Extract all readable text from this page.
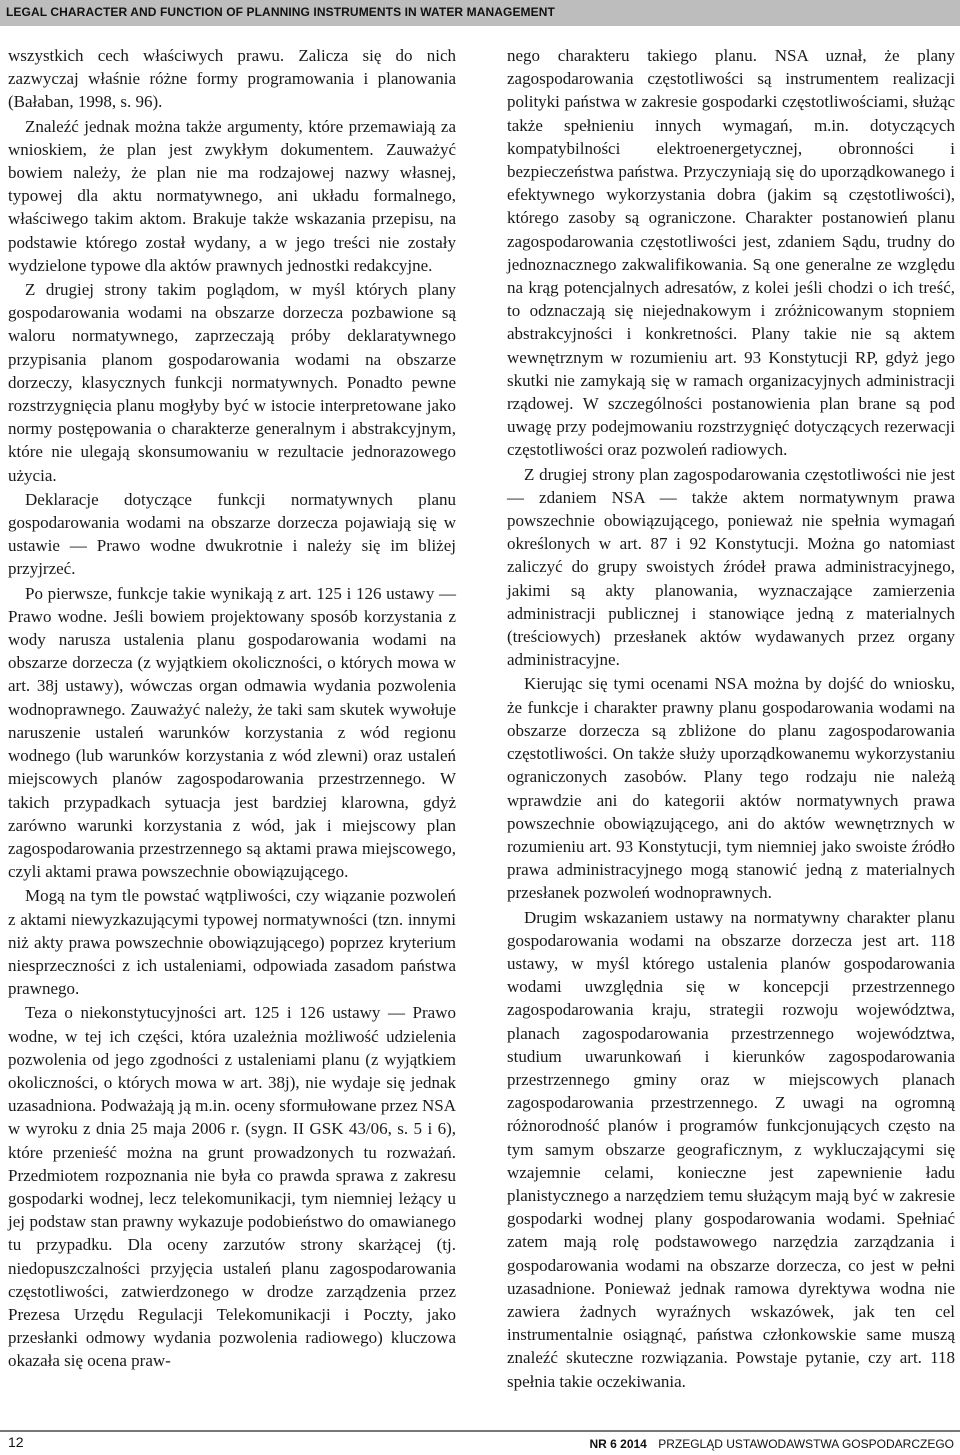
LEGAL CHARACTER AND FUNCTION OF PLANNING INSTRUMENTS IN WATER MANAGEMENT

wszystkich cech właściwych prawu. Zalicza się do nich zazwyczaj właśnie różne formy programowania i planowania (Bałaban, 1998, s. 96).

Znaleźć jednak można także argumenty, które przemawiają za wnioskiem, że plan jest zwykłym dokumentem. Zauważyć bowiem należy, że plan nie ma rodzajowej nazwy własnej, typowej dla aktu normatywnego, ani układu formalnego, właściwego takim aktom. Brakuje także wskazania przepisu, na podstawie którego został wydany, a w jego treści nie zostały wydzielone typowe dla aktów prawnych jednostki redakcyjne.

Z drugiej strony takim poglądom, w myśl których plany gospodarowania wodami na obszarze dorzecza pozbawione są waloru normatywnego, zaprzeczają próby deklaratywnego przypisania planom gospodarowania wodami na obszarze dorzeczy, klasycznych funkcji normatywnych. Ponadto pewne rozstrzygnięcia planu mogłyby być w istocie interpretowane jako normy postępowania o charakterze generalnym i abstrakcyjnym, które nie ulegają skonsumowaniu w rezultacie jednorazowego użycia.

Deklaracje dotyczące funkcji normatywnych planu gospodarowania wodami na obszarze dorzecza pojawiają się w ustawie — Prawo wodne dwukrotnie i należy się im bliżej przyjrzeć.

Po pierwsze, funkcje takie wynikają z art. 125 i 126 ustawy — Prawo wodne. Jeśli bowiem projektowany sposób korzystania z wody narusza ustalenia planu gospodarowania wodami na obszarze dorzecza (z wyjątkiem okoliczności, o których mowa w art. 38j ustawy), wówczas organ odmawia wydania pozwolenia wodnoprawnego. Zauważyć należy, że taki sam skutek wywołuje naruszenie ustaleń warunków korzystania z wód regionu wodnego (lub warunków korzystania z wód zlewni) oraz ustaleń miejscowych planów zagospodarowania przestrzennego. W takich przypadkach sytuacja jest bardziej klarowna, gdyż zarówno warunki korzystania z wód, jak i miejscowy plan zagospodarowania przestrzennego są aktami prawa miejscowego, czyli aktami prawa powszechnie obowiązującego.

Mogą na tym tle powstać wątpliwości, czy wiązanie pozwoleń z aktami niewyzkazującymi typowej normatywności (tzn. innymi niż akty prawa powszechnie obowiązującego) poprzez kryterium niesprzeczności z ich ustaleniami, odpowiada zasadom państwa prawnego.

Teza o niekonstytucyjności art. 125 i 126 ustawy — Prawo wodne, w tej ich części, która uzależnia możliwość udzielenia pozwolenia od jego zgodności z ustaleniami planu (z wyjątkiem okoliczności, o których mowa w art. 38j), nie wydaje się jednak uzasadniona. Podważają ją m.in. oceny sformułowane przez NSA w wyroku z dnia 25 maja 2006 r. (sygn. II GSK 43/06, s. 5 i 6), które przenieść można na grunt prowadzonych tu rozważań. Przedmiotem rozpoznania nie była co prawda sprawa z zakresu gospodarki wodnej, lecz telekomunikacji, tym niemniej leżący u jej podstaw stan prawny wykazuje podobieństwo do omawianego tu przypadku. Dla oceny zarzutów strony skarżącej (tj. niedopuszczalności przyjęcia ustaleń planu zagospodarowania częstotliwości, zatwierdzonego w drodze zarządzenia przez Prezesa Urzędu Regulacji Telekomunikacji i Poczty, jako przesłanki odmowy wydania pozwolenia radiowego) kluczowa okazała się ocena praw-

nego charakteru takiego planu. NSA uznał, że plany zagospodarowania częstotliwości są instrumentem realizacji polityki państwa w zakresie gospodarki częstotliwościami, służąc także spełnieniu innych wymagań, m.in. dotyczących kompatybilności elektroenergetycznej, obronności i bezpieczeństwa państwa. Przyczyniają się do uporządkowanego i efektywnego wykorzystania dobra (jakim są częstotliwości), którego zasoby są ograniczone. Charakter postanowień planu zagospodarowania częstotliwości jest, zdaniem Sądu, trudny do jednoznacznego zakwalifikowania. Są one generalne ze względu na krąg potencjalnych adresatów, z kolei jeśli chodzi o ich treść, to odznaczają się niejednakowym i zróżnicowanym stopniem abstrakcyjności i konkretności. Plany takie nie są aktem wewnętrznym w rozumieniu art. 93 Konstytucji RP, gdyż jego skutki nie zamykają się w ramach organizacyjnych administracji rządowej. W szczególności postanowienia plan brane są pod uwagę przy podejmowaniu rozstrzygnięć dotyczących rezerwacji częstotliwości oraz pozwoleń radiowych.

Z drugiej strony plan zagospodarowania częstotliwości nie jest — zdaniem NSA — także aktem normatywnym prawa powszechnie obowiązującego, ponieważ nie spełnia wymagań określonych w art. 87 i 92 Konstytucji. Można go natomiast zaliczyć do grupy swoistych źródeł prawa administracyjnego, jakimi są akty planowania, wyznaczające zamierzenia administracji publicznej i stanowiące jedną z materialnych (treściowych) przesłanek aktów wydawanych przez organy administracyjne.

Kierując się tymi ocenami NSA można by dojść do wniosku, że funkcje i charakter prawny planu gospodarowania wodami na obszarze dorzecza są zbliżone do planu zagospodarowania częstotliwości. On także służy uporządkowanemu wykorzystaniu ograniczonych zasobów. Plany tego rodzaju nie należą wprawdzie ani do kategorii aktów normatywnych prawa powszechnie obowiązującego, ani do aktów wewnętrznych w rozumieniu art. 93 Konstytucji, tym niemniej jako swoiste źródło prawa administracyjnego mogą stanowić jedną z materialnych przesłanek pozwoleń wodnoprawnych.

Drugim wskazaniem ustawy na normatywny charakter planu gospodarowania wodami na obszarze dorzecza jest art. 118 ustawy, w myśl którego ustalenia planów gospodarowania wodami uwzględnia się w koncepcji przestrzennego zagospodarowania kraju, strategii rozwoju województwa, planach zagospodarowania przestrzennego województwa, studium uwarunkowań i kierunków zagospodarowania przestrzennego gminy oraz w miejscowych planach zagospodarowania przestrzennego. Z uwagi na ogromną różnorodność planów i programów funkcjonujących często na tym samym obszarze geograficznym, z wykluczającymi się wzajemnie celami, konieczne jest zapewnienie ładu planistycznego a narzędziem temu służącym mają być w zakresie gospodarki wodnej plany gospodarowania wodami. Spełniać zatem mają rolę podstawowego narzędzia zarządzania i gospodarowania wodami na obszarze dorzecza, co jest w pełni uzasadnione. Ponieważ jednak ramowa dyrektywa wodna nie zawiera żadnych wyraźnych wskazówek, jak ten cel instrumentalnie osiągnąć, państwa członkowskie same muszą znaleźć skuteczne rozwiązania. Powstaje pytanie, czy art. 118 spełnia takie oczekiwania.

12	NR 6 2014 PRZEGLĄD USTAWODAWSTWA GOSPODARCZEGO
